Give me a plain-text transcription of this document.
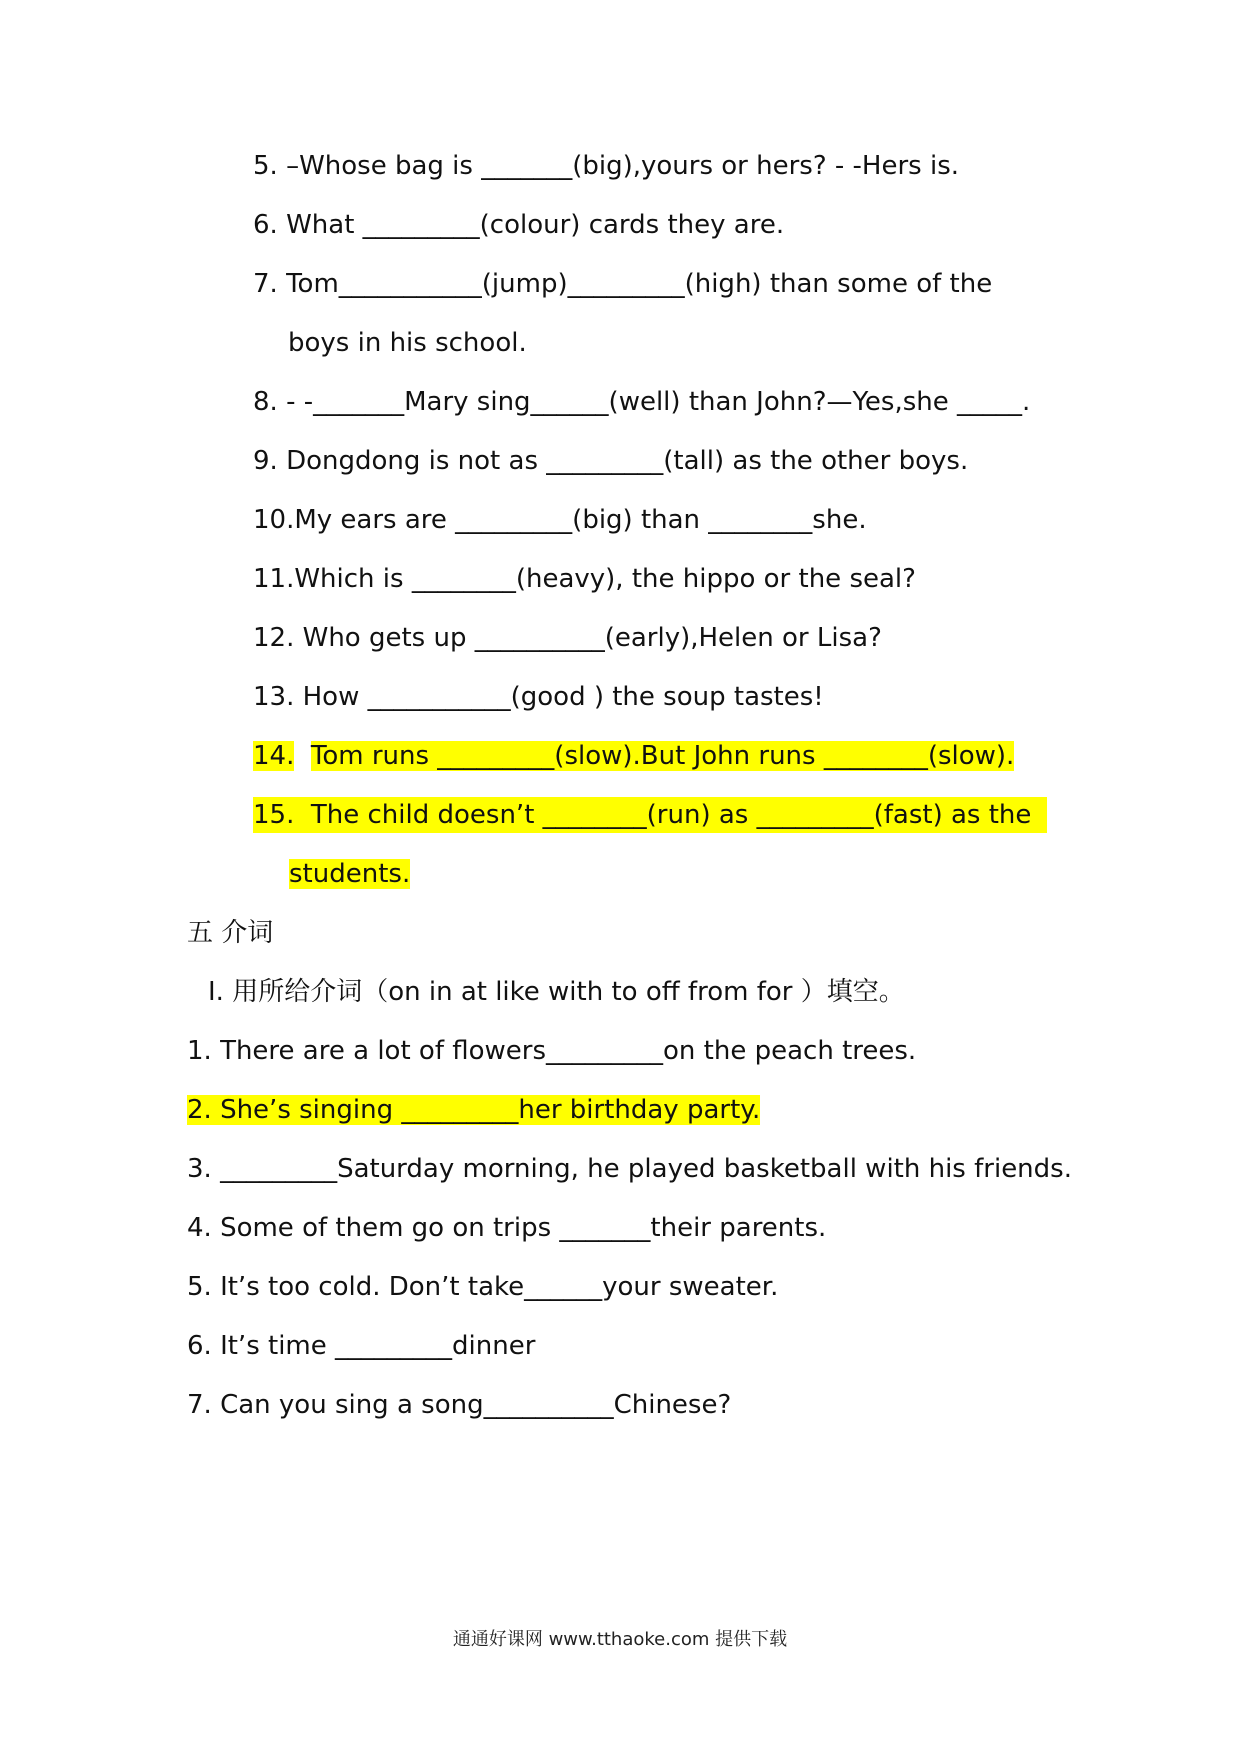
5. –Whose bag is _______(big),yours or hers? - -Hers is.
6. What _________(colour) cards they are.
7. Tom___________(jump)_________(high) than some of the
boys in his school.
8. - -_______Mary sing______(well) than John?—Yes,she _____.
9. Dongdong is not as _________(tall) as the other boys.
10.My ears are _________(big) than ________she.
11.Which is ________(heavy), the hippo or the seal?
12. Who gets up __________(early),Helen or Lisa?
13. How ___________(good ) the soup tastes!
14. Tom runs _________(slow).But John runs ________(slow).
15. The child doesn’t ________(run) as _________(fast) as the
students.
五 介词
Ⅰ. 用所给介词（on in at like with to off from for ）填空。
1. There are a lot of flowers_________on the peach trees.
2. She’s singing _________her birthday party.
3. _________Saturday morning, he played basketball with his friends.
4. Some of them go on trips _______their parents.
5. It’s too cold. Don’t take______your sweater.
6. It’s time _________dinner
7. Can you sing a song__________Chinese?
通通好课网 www.tthaoke.com 提供下载
